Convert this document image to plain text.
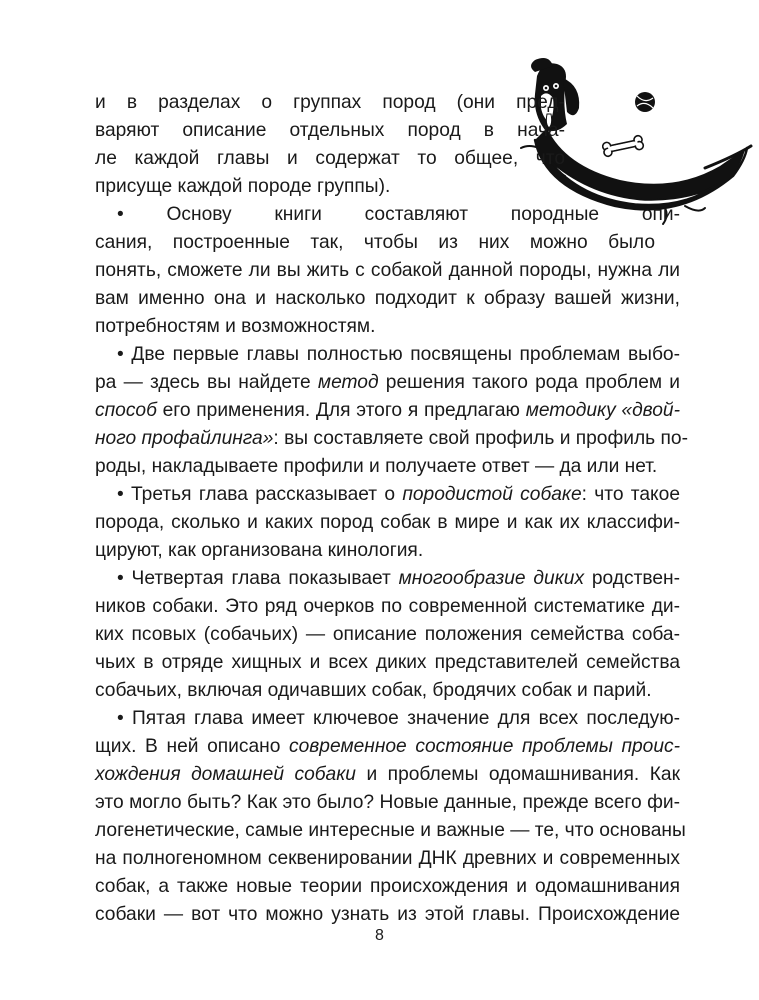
и в разделах о группах пород (они пред-
варяют описание отдельных пород в нача-
ле каждой главы и содержат то общее, что
присуще каждой породе группы).
• Основу книги составляют породные опи-
сания, построенные так, чтобы из них можно было
понять, сможете ли вы жить с собакой данной породы, нужна ли
вам именно она и насколько подходит к образу вашей жизни,
потребностям и возможностям.
• Две первые главы полностью посвящены проблемам выбо-
ра — здесь вы найдете метод решения такого рода проблем и
способ его применения. Для этого я предлагаю методику «двой-
ного профайлинга»: вы составляете свой профиль и профиль по-
роды, накладываете профили и получаете ответ — да или нет.
• Третья глава рассказывает о породистой собаке: что такое
порода, сколько и каких пород собак в мире и как их классифи-
цируют, как организована кинология.
• Четвертая глава показывает многообразие диких родствен-
ников собаки. Это ряд очерков по современной систематике ди-
ких псовых (собачьих) — описание положения семейства соба-
чьих в отряде хищных и всех диких представителей семейства
собачьих, включая одичавших собак, бродячих собак и парий.
• Пятая глава имеет ключевое значение для всех последую-
щих. В ней описано современное состояние проблемы проис-
хождения домашней собаки и проблемы одомашнивания. Как
это могло быть? Как это было? Новые данные, прежде всего фи-
логенетические, самые интересные и важные — те, что основаны
на полногеномном секвенировании ДНК древних и современных
собак, а также новые теории происхождения и одомашнивания
собаки — вот что можно узнать из этой главы. Происхождение
8
